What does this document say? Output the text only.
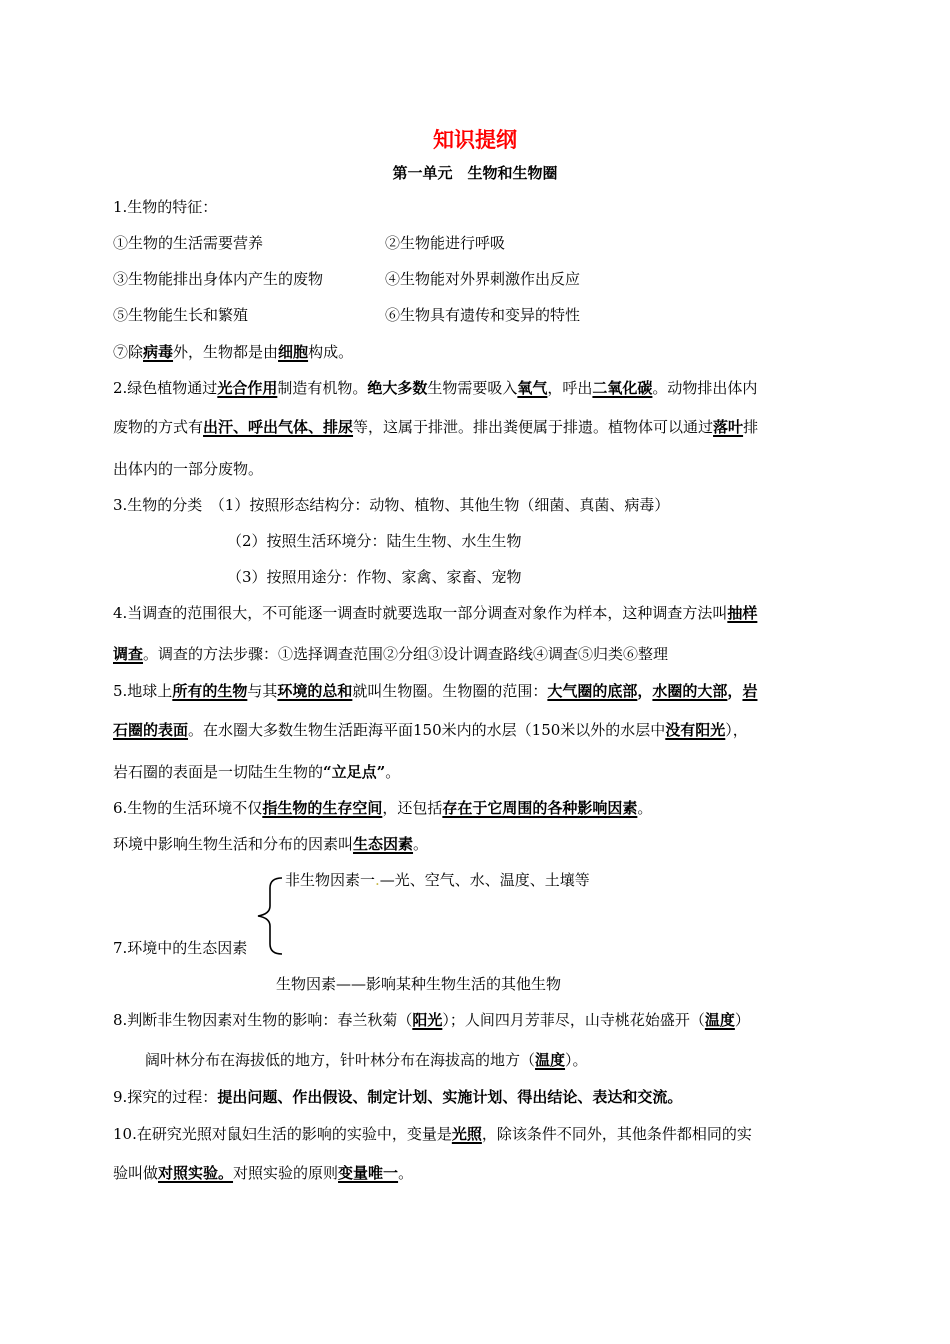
知识提纲
第一单元　生物和生物圈
1.生物的特征：
①生物的生活需要营养	②生物能进行呼吸
③生物能排出身体内产生的废物	④生物能对外界刺激作出反应
⑤生物能生长和繁殖	⑥生物具有遗传和变异的特性
⑦除病毒外，生物都是由细胞构成。
2.绿色植物通过光合作用制造有机物。绝大多数生物需要吸入氧气，呼出二氧化碳。动物排出体内
废物的方式有出汗、呼出气体、排尿等，这属于排泄。排出粪便属于排遗。植物体可以通过落叶排
出体内的一部分废物。
3.生物的分类　（1）按照形态结构分：动物、植物、其他生物（细菌、真菌、病毒）
（2）按照生活环境分：陆生生物、水生生物
（3）按照用途分：作物、家禽、家畜、宠物
4.当调查的范围很大，不可能逐一调查时就要选取一部分调查对象作为样本，这种调查方法叫抽样
调查。调查的方法步骤：①选择调查范围②分组③设计调查路线④调查⑤归类⑥整理
5.地球上所有的生物与其环境的总和就叫生物圈。生物圈的范围：大气圈的底部，水圈的大部，岩
石圈的表面。在水圈大多数生物生活距海平面150米内的水层（150米以外的水层中没有阳光），
岩石圈的表面是一切陆生生物的“立足点”。
6.生物的生活环境不仅指生物的生存空间，还包括存在于它周围的各种影响因素。
环境中影响生物生活和分布的因素叫生态因素。
非生物因素一.—光、空气、水、温度、土壤等
7.环境中的生态因素
生物因素——影响某种生物生活的其他生物
8.判断非生物因素对生物的影响：春兰秋菊（阳光）；人间四月芳菲尽，山寺桃花始盛开（温度）
阔叶林分布在海拔低的地方，针叶林分布在海拔高的地方（温度）。
9.探究的过程：提出问题、作出假设、制定计划、实施计划、得出结论、表达和交流。
10.在研究光照对鼠妇生活的影响的实验中，变量是光照，除该条件不同外，其他条件都相同的实
验叫做对照实验。对照实验的原则变量唯一。
